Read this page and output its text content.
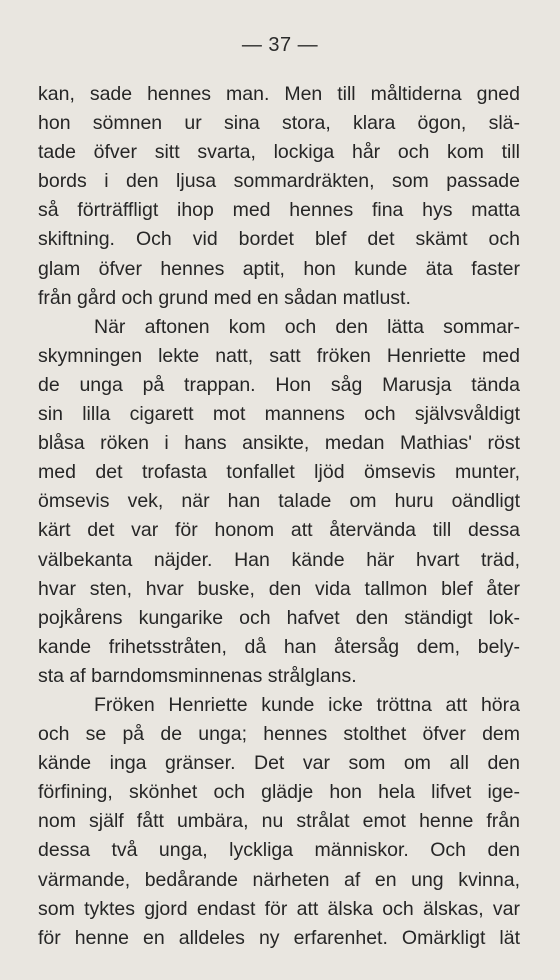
— 37 —
kan, sade hennes man. Men till måltiderna gned
hon sömnen ur sina stora, klara ögon, slä-
tade öfver sitt svarta, lockiga hår och kom till
bords i den ljusa sommardräkten, som passade
så förträffligt ihop med hennes fina hys matta
skiftning. Och vid bordet blef det skämt och
glam öfver hennes aptit, hon kunde äta faster
från gård och grund med en sådan matlust.
När aftonen kom och den lätta sommar-
skymningen lekte natt, satt fröken Henriette med
de unga på trappan. Hon såg Marusja tända
sin lilla cigarett mot mannens och självsvåldigt
blåsa röken i hans ansikte, medan Mathias' röst
med det trofasta tonfallet ljöd ömsevis munter,
ömsevis vek, när han talade om huru oändligt
kärt det var för honom att återvända till dessa
välbekanta näjder. Han kände här hvart träd,
hvar sten, hvar buske, den vida tallmon blef åter
pojkårens kungarike och hafvet den ständigt lok-
kande frihetsstråten, då han återsåg dem, bely-
sta af barndomsminnenas strålglans.
Fröken Henriette kunde icke tröttna att höra
och se på de unga; hennes stolthet öfver dem
kände inga gränser. Det var som om all den
förfining, skönhet och glädje hon hela lifvet ige-
nom själf fått umbära, nu strålat emot henne från
dessa två unga, lyckliga människor. Och den
värmande, bedårande närheten af en ung kvinna,
som tyktes gjord endast för att älska och älskas, var
för henne en alldeles ny erfarenhet. Omärkligt lät
